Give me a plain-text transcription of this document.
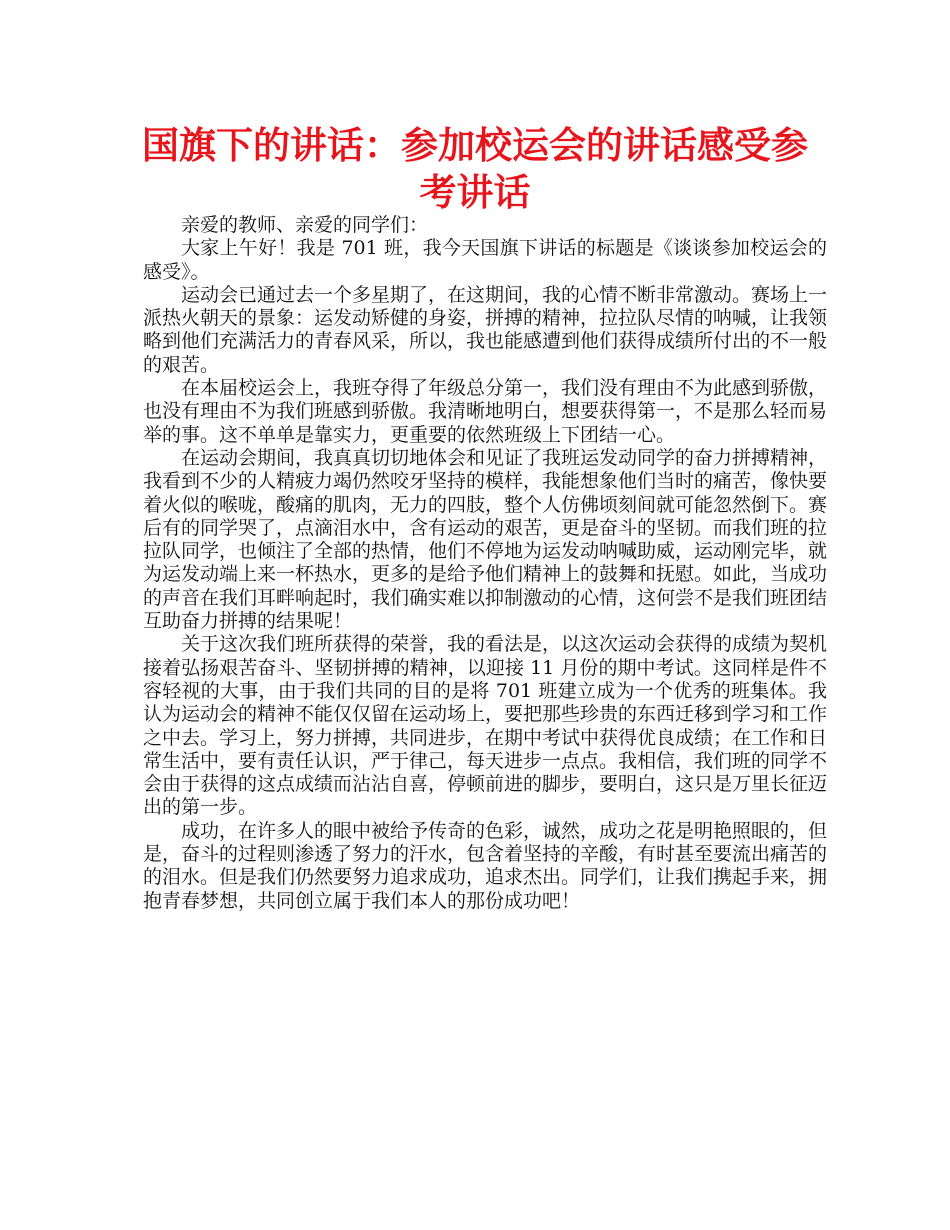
国旗下的讲话：参加校运会的讲话感受参考讲话

亲爱的教师、亲爱的同学们：

大家上午好！我是 701 班，我今天国旗下讲话的标题是《谈谈参加校运会的感受》。

运动会已通过去一个多星期了，在这期间，我的心情不断非常激动。赛场上一派热火朝天的景象：运发动矫健的身姿，拼搏的精神，拉拉队尽情的呐喊，让我领略到他们充满活力的青春风采，所以，我也能感遭到他们获得成绩所付出的不一般的艰苦。

在本届校运会上，我班夺得了年级总分第一，我们没有理由不为此感到骄傲，也没有理由不为我们班感到骄傲。我清晰地明白，想要获得第一，不是那么轻而易举的事。这不单单是靠实力，更重要的依然班级上下团结一心。

在运动会期间，我真真切切地体会和见证了我班运发动同学的奋力拼搏精神，我看到不少的人精疲力竭仍然咬牙坚持的模样，我能想象他们当时的痛苦，像快要着火似的喉咙，酸痛的肌肉，无力的四肢，整个人仿佛顷刻间就可能忽然倒下。赛后有的同学哭了，点滴泪水中，含有运动的艰苦，更是奋斗的坚韧。而我们班的拉拉队同学，也倾注了全部的热情，他们不停地为运发动呐喊助威，运动刚完毕，就为运发动端上来一杯热水，更多的是给予他们精神上的鼓舞和抚慰。如此，当成功的声音在我们耳畔响起时，我们确实难以抑制激动的心情，这何尝不是我们班团结互助奋力拼搏的结果呢！

关于这次我们班所获得的荣誉，我的看法是，以这次运动会获得的成绩为契机接着弘扬艰苦奋斗、坚韧拼搏的精神，以迎接 11 月份的期中考试。这同样是件不容轻视的大事，由于我们共同的目的是将 701 班建立成为一个优秀的班集体。我认为运动会的精神不能仅仅留在运动场上，要把那些珍贵的东西迁移到学习和工作之中去。学习上，努力拼搏，共同进步，在期中考试中获得优良成绩；在工作和日常生活中，要有责任认识，严于律己，每天进步一点点。我相信，我们班的同学不会由于获得的这点成绩而沾沾自喜，停顿前进的脚步，要明白，这只是万里长征迈出的第一步。

成功，在许多人的眼中被给予传奇的色彩，诚然，成功之花是明艳照眼的，但是，奋斗的过程则渗透了努力的汗水，包含着坚持的辛酸，有时甚至要流出痛苦的的泪水。但是我们仍然要努力追求成功，追求杰出。同学们，让我们携起手来，拥抱青春梦想，共同创立属于我们本人的那份成功吧！
